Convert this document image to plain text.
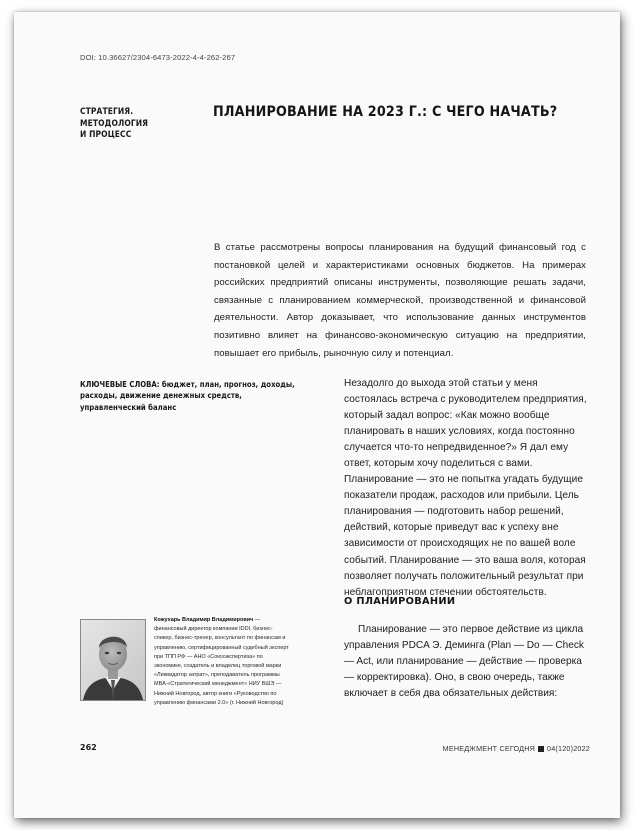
DOI: 10.36627/2304-6473-2022-4-4-262-267
СТРАТЕГИЯ.
МЕТОДОЛОГИЯ
И ПРОЦЕСС
ПЛАНИРОВАНИЕ НА 2023 Г.: С ЧЕГО НАЧАТЬ?
В статье рассмотрены вопросы планирования на будущий финансовый год с постановкой целей и характеристиками основных бюджетов. На примерах российских предприятий описаны инструменты, позволяющие решать задачи, связанные с планированием коммерческой, производственной и финансовой деятельности. Автор доказывает, что использование данных инструментов позитивно влияет на финансово-экономическую ситуацию на предприятии, повышает его прибыль, рыночную силу и потенциал.
КЛЮЧЕВЫЕ СЛОВА: бюджет, план, прогноз, доходы, расходы, движение денежных средств, управленческий баланс

Незадолго до выхода этой статьи у меня состоялась встреча с руководителем предприятия, который задал вопрос: «Как можно вообще планировать в наших условиях, когда постоянно случается что-то непредвиденное?» Я дал ему ответ, которым хочу поделиться с вами. Планирование — это не попытка угадать будущие показатели продаж, расходов или прибыли. Цель планирования — подготовить набор решений, действий, которые приведут вас к успеху вне зависимости от происходящих не по вашей воле событий. Планирование — это ваша воля, которая позволяет получать положительный результат при неблагоприятном стечении обстоятельств.

О ПЛАНИРОВАНИИ

Планирование — это первое действие из цикла управления PDCA Э. Деминга (Plan — Do — Check — Act, или планирование — действие — проверка — корректировка). Оно, в свою очередь, также включает в себя два обязательных действия:

Кожухарь Владимир Владимирович — финансовый директор компании IDDI, бизнес-спикер, бизнес-тренер, консультант по финансам и управлению, сертифицированный судебный эксперт при ТПП РФ — АНО «Союзэкспертиза» по экономике, создатель и владелец торговой марки «Ликвидатор затрат», преподаватель программы MBA «Стратегический менеджмент» НИУ ВШЭ — Нижний Новгород, автор книги «Руководство по управлению финансами 2.0» (г. Нижний Новгород)
262	МЕНЕДЖМЕНТ СЕГОДНЯ 04(120)2022
